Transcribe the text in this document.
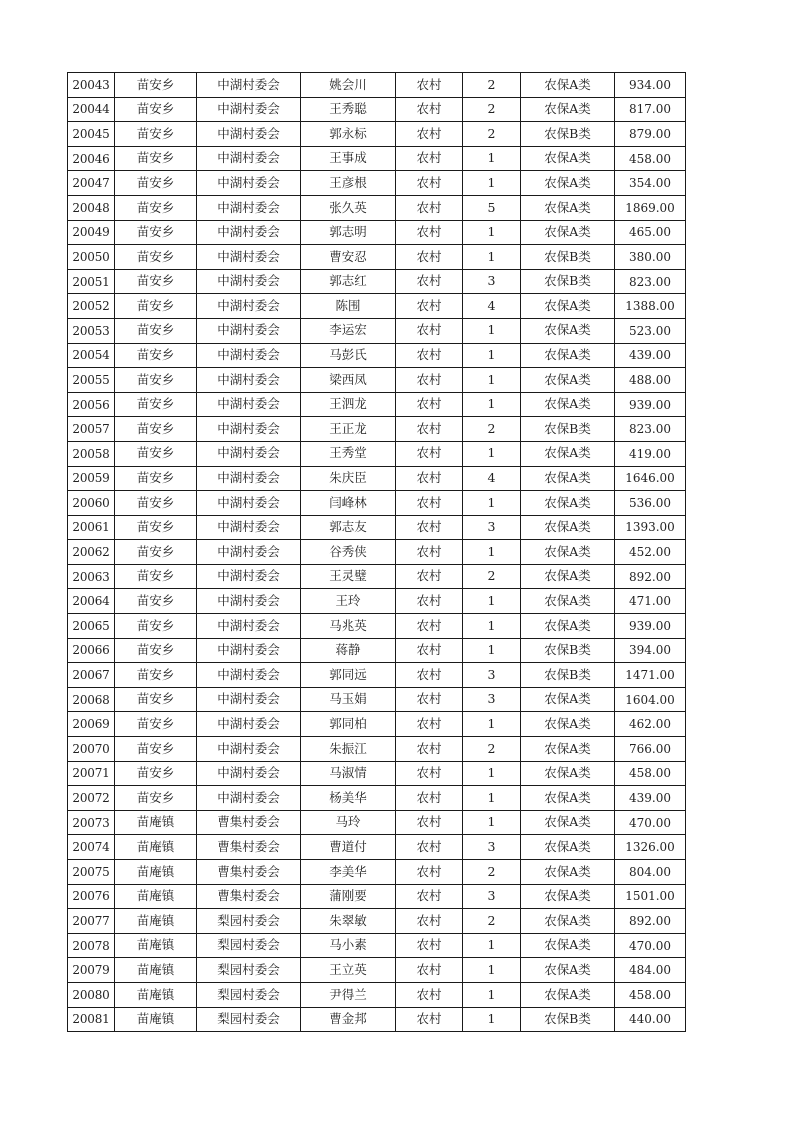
20043	苗安乡	中湖村委会	姚会川	农村	2	农保A类	934.00
20044	苗安乡	中湖村委会	王秀聪	农村	2	农保A类	817.00
20045	苗安乡	中湖村委会	郭永标	农村	2	农保B类	879.00
20046	苗安乡	中湖村委会	王事成	农村	1	农保A类	458.00
20047	苗安乡	中湖村委会	王彦根	农村	1	农保A类	354.00
20048	苗安乡	中湖村委会	张久英	农村	5	农保A类	1869.00
20049	苗安乡	中湖村委会	郭志明	农村	1	农保A类	465.00
20050	苗安乡	中湖村委会	曹安忍	农村	1	农保B类	380.00
20051	苗安乡	中湖村委会	郭志红	农村	3	农保B类	823.00
20052	苗安乡	中湖村委会	陈围	农村	4	农保A类	1388.00
20053	苗安乡	中湖村委会	李运宏	农村	1	农保A类	523.00
20054	苗安乡	中湖村委会	马彭氏	农村	1	农保A类	439.00
20055	苗安乡	中湖村委会	梁西凤	农村	1	农保A类	488.00
20056	苗安乡	中湖村委会	王泗龙	农村	1	农保A类	939.00
20057	苗安乡	中湖村委会	王正龙	农村	2	农保B类	823.00
20058	苗安乡	中湖村委会	王秀堂	农村	1	农保A类	419.00
20059	苗安乡	中湖村委会	朱庆臣	农村	4	农保A类	1646.00
20060	苗安乡	中湖村委会	闫峰林	农村	1	农保A类	536.00
20061	苗安乡	中湖村委会	郭志友	农村	3	农保A类	1393.00
20062	苗安乡	中湖村委会	谷秀侠	农村	1	农保A类	452.00
20063	苗安乡	中湖村委会	王灵璧	农村	2	农保A类	892.00
20064	苗安乡	中湖村委会	王玲	农村	1	农保A类	471.00
20065	苗安乡	中湖村委会	马兆英	农村	1	农保A类	939.00
20066	苗安乡	中湖村委会	蒋静	农村	1	农保B类	394.00
20067	苗安乡	中湖村委会	郭同远	农村	3	农保B类	1471.00
20068	苗安乡	中湖村委会	马玉娟	农村	3	农保A类	1604.00
20069	苗安乡	中湖村委会	郭同柏	农村	1	农保A类	462.00
20070	苗安乡	中湖村委会	朱振江	农村	2	农保A类	766.00
20071	苗安乡	中湖村委会	马淑情	农村	1	农保A类	458.00
20072	苗安乡	中湖村委会	杨美华	农村	1	农保A类	439.00
20073	苗庵镇	曹集村委会	马玲	农村	1	农保A类	470.00
20074	苗庵镇	曹集村委会	曹道付	农村	3	农保A类	1326.00
20075	苗庵镇	曹集村委会	李美华	农村	2	农保A类	804.00
20076	苗庵镇	曹集村委会	蒲刚要	农村	3	农保A类	1501.00
20077	苗庵镇	梨园村委会	朱翠敏	农村	2	农保A类	892.00
20078	苗庵镇	梨园村委会	马小素	农村	1	农保A类	470.00
20079	苗庵镇	梨园村委会	王立英	农村	1	农保A类	484.00
20080	苗庵镇	梨园村委会	尹得兰	农村	1	农保A类	458.00
20081	苗庵镇	梨园村委会	曹金邦	农村	1	农保B类	440.00
